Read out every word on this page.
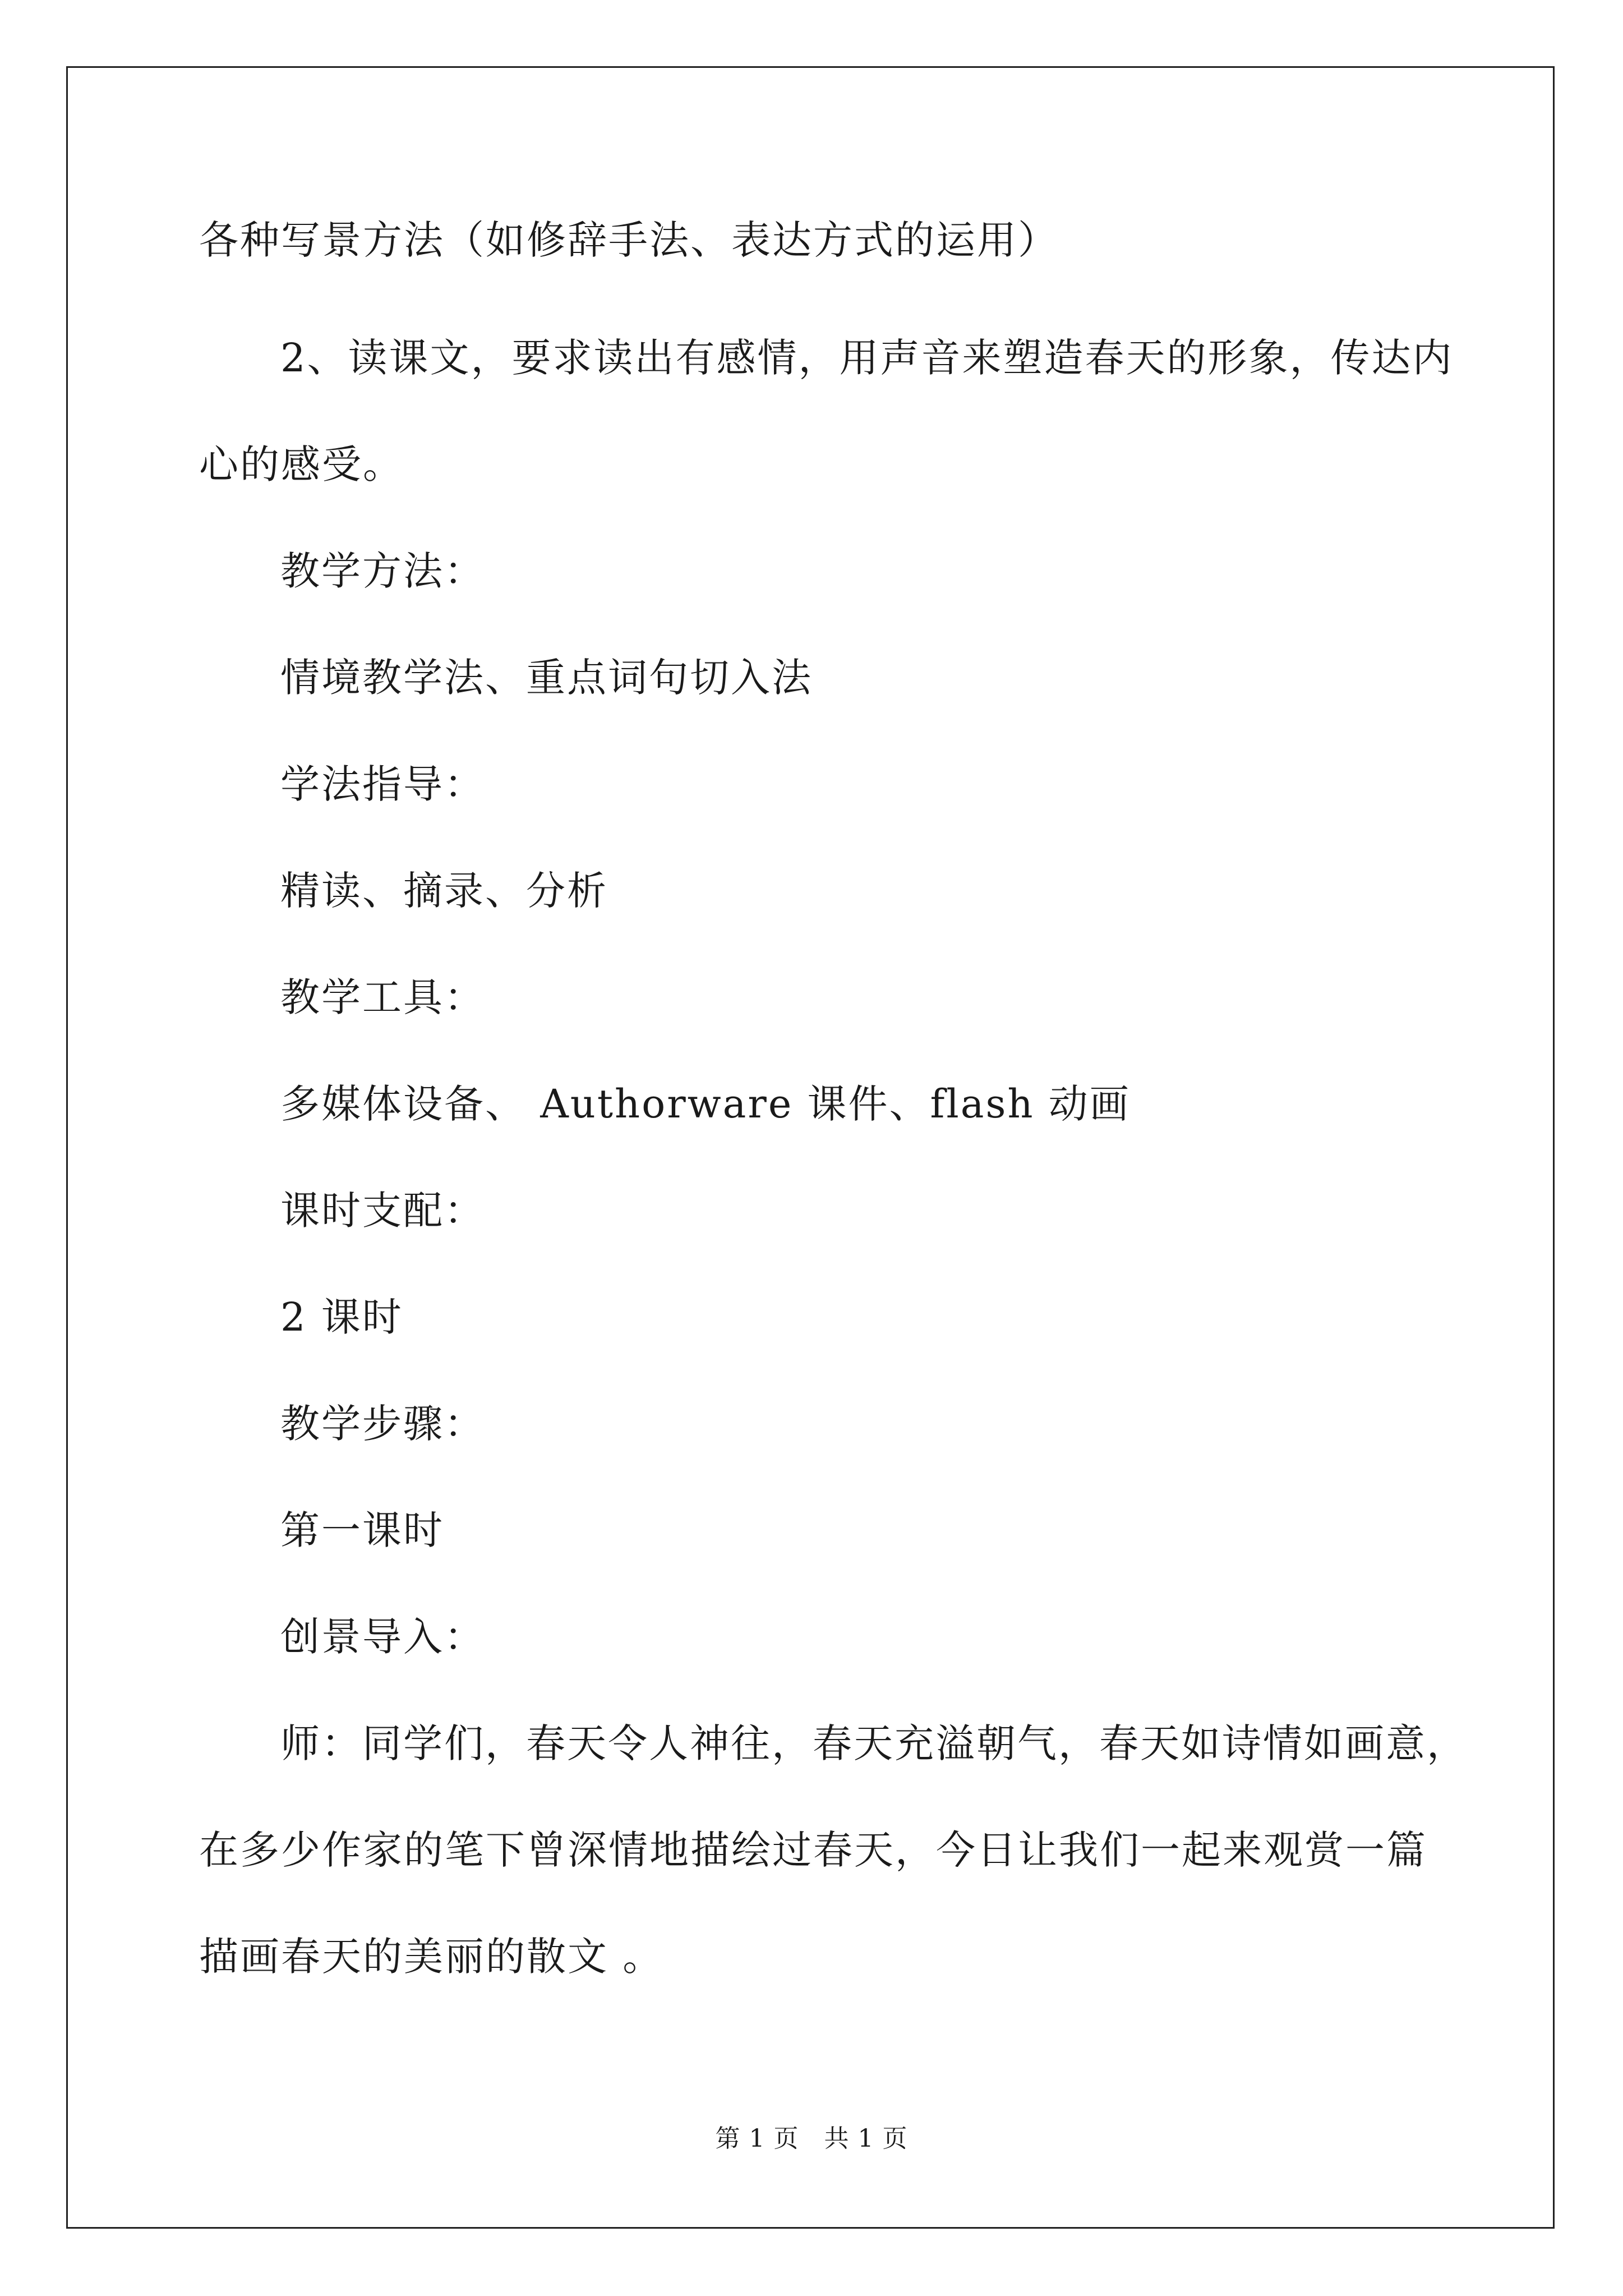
各种写景方法（如修辞手法、表达方式的运用）
2、读课文，要求读出有感情，用声音来塑造春天的形象，传达内
心的感受。
教学方法：
情境教学法、重点词句切入法
学法指导：
精读、摘录、分析
教学工具：
多媒体设备、 Authorware 课件、flash 动画
课时支配：
2 课时
教学步骤：
第一课时
创景导入：
师：同学们，春天令人神往，春天充溢朝气，春天如诗情如画意，
在多少作家的笔下曾深情地描绘过春天，今日让我们一起来观赏一篇
描画春天的美丽的散文 。
第 1 页　共 1 页
